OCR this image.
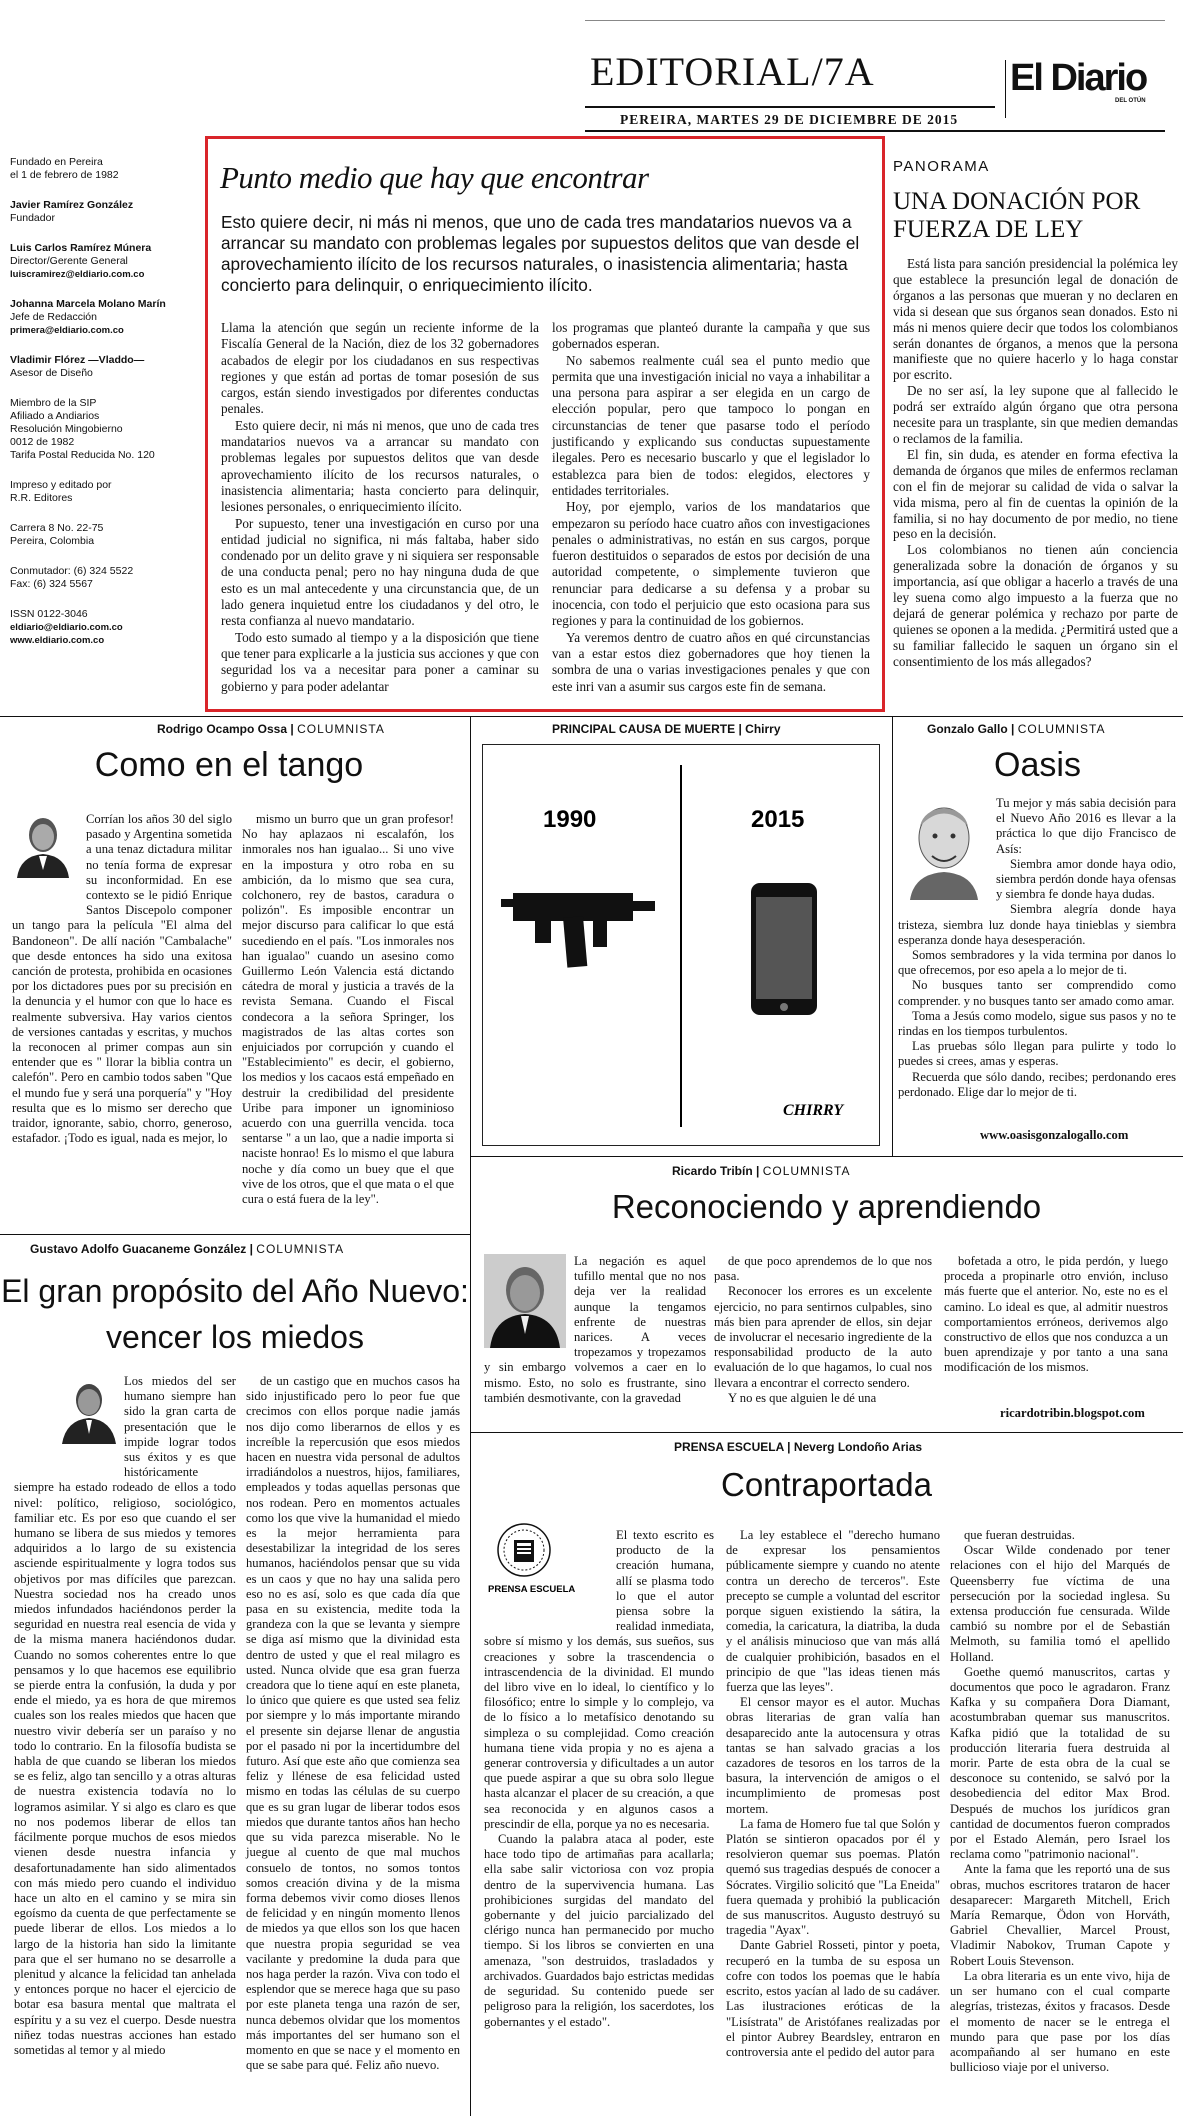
EDITORIAL/7A	El Diario
DEL OTÚN
PEREIRA, MARTES 29 DE DICIEMBRE DE 2015

Fundado en Pereira

el 1 de febrero de 1982

Javier Ramírez González

Fundador

Luis Carlos Ramírez Múnera

Director/Gerente General

luiscramirez@eldiario.com.co

Johanna Marcela Molano Marín

Jefe de Redacción

primera@eldiario.com.co

Vladimir Flórez —Vladdo—

Asesor de Diseño

Miembro de la SIP

Afiliado a Andiarios

Resolución Mingobierno

0012 de 1982

Tarifa Postal Reducida No. 120

Impreso y editado por

R.R. Editores

Carrera 8 No. 22-75

Pereira, Colombia

Conmutador: (6) 324 5522

Fax: (6) 324 5567

ISSN 0122-3046

eldiario@eldiario.com.co

www.eldiario.com.co

Punto medio que hay que encontrar
Esto quiere decir, ni más ni menos, que uno de cada tres mandatarios nuevos va a arrancar su mandato con problemas legales por supuestos delitos que van desde el aprovechamiento ilícito de los recursos naturales, o inasistencia alimentaria; hasta concierto para delinquir, o enriquecimiento ilícito.

Llama la atención que según un reciente informe de la Fiscalía General de la Nación, diez de los 32 gobernadores acabados de elegir por los ciudadanos en sus respectivas regiones y que están ad portas de tomar posesión de sus cargos, están siendo investigados por diferentes conductas penales.

Esto quiere decir, ni más ni menos, que uno de cada tres mandatarios nuevos va a arrancar su mandato con problemas legales por supuestos delitos que van desde aprovechamiento ilícito de los recursos naturales, o inasistencia alimentaria; hasta concierto para delinquir, lesiones personales, o enriquecimiento ilícito.

Por supuesto, tener una investigación en curso por una entidad judicial no significa, ni más faltaba, haber sido condenado por un delito grave y ni siquiera ser responsable de una conducta penal; pero no hay ninguna duda de que esto es un mal antecedente y una circunstancia que, de un lado genera inquietud entre los ciudadanos y del otro, le resta confianza al nuevo mandatario.

Todo esto sumado al tiempo y a la disposición que tiene que tener para explicarle a la justicia sus acciones y que con seguridad los va a necesitar para poner a caminar su gobierno y para poder adelantar

los programas que planteó durante la campaña y que sus gobernados esperan.

No sabemos realmente cuál sea el punto medio que permita que una investigación inicial no vaya a inhabilitar a una persona para aspirar a ser elegida en un cargo de elección popular, pero que tampoco lo pongan en circunstancias de tener que pasarse todo el período justificando y explicando sus conductas supuestamente ilegales. Pero es necesario buscarlo y que el legislador lo establezca para bien de todos: elegidos, electores y entidades territoriales.

Hoy, por ejemplo, varios de los mandatarios que empezaron su período hace cuatro años con investigaciones penales o administrativas, no están en sus cargos, porque fueron destituidos o separados de estos por decisión de una autoridad competente, o simplemente tuvieron que renunciar para dedicarse a su defensa y a probar su inocencia, con todo el perjuicio que esto ocasiona para sus regiones y para la continuidad de los gobiernos.

Ya veremos dentro de cuatro años en qué circunstancias van a estar estos diez gobernadores que hoy tienen la sombra de una o varias investigaciones penales y que con este inri van a asumir sus cargos este fin de semana.

PANORAMA
UNA DONACIÓN POR FUERZA DE LEY

Está lista para sanción presidencial la polémica ley que establece la presunción legal de donación de órganos a las personas que mueran y no declaren en vida si desean que sus órganos sean donados. Esto ni más ni menos quiere decir que todos los colombianos serán donantes de órganos, a menos que la persona manifieste que no quiere hacerlo y lo haga constar por escrito.

De no ser así, la ley supone que al fallecido le podrá ser extraído algún órgano que otra persona necesite para un trasplante, sin que medien demandas o reclamos de la familia.

El fin, sin duda, es atender en forma efectiva la demanda de órganos que miles de enfermos reclaman con el fin de mejorar su calidad de vida o salvar la vida misma, pero al fin de cuentas la opinión de la familia, si no hay documento de por medio, no tiene peso en la decisión.

Los colombianos no tienen aún conciencia generalizada sobre la donación de órganos y su importancia, así que obligar a hacerlo a través de una ley suena como algo impuesto a la fuerza que no dejará de generar polémica y rechazo por parte de quienes se oponen a la medida. ¿Permitirá usted que a su familiar fallecido le saquen un órgano sin el consentimiento de los más allegados?

Rodrigo Ocampo Ossa | COLUMNISTA
Como en el tango

Corrían los años 30 del siglo pasado y Argentina sometida a una tenaz dictadura militar no tenía forma de expresar su inconformidad. En ese contexto se le pidió Enrique Santos Discepolo componer un tango para la película "El alma del Bandoneon". De allí nación "Cambalache" que desde entonces ha sido una exitosa canción de protesta, prohibida en ocasiones por los dictadores pues por su precisión en la denuncia y el humor con que lo hace es realmente subversiva. Hay varios cientos de versiones cantadas y escritas, y muchos la reconocen al primer compas aun sin entender que es " llorar la biblia contra un calefón". Pero en cambio todos saben "Que el mundo fue y será una porquería" y "Hoy resulta que es lo mismo ser derecho que traidor, ignorante, sabio, chorro, generoso, estafador. ¡Todo es igual, nada es mejor, lo

mismo un burro que un gran profesor! No hay aplazaos ni escalafón, los inmorales nos han igualao... Si uno vive en la impostura y otro roba en su ambición, da lo mismo que sea cura, colchonero, rey de bastos, caradura o polizón". Es imposible encontrar un mejor discurso para calificar lo que está sucediendo en el país. "Los inmorales nos han igualao" cuando un asesino como Guillermo León Valencia está dictando cátedra de moral y justicia a través de la revista Semana. Cuando el Fiscal condecora a la señora Springer, los magistrados de las altas cortes son enjuiciados por corrupción y cuando el "Establecimiento" es decir, el gobierno, los medios y los cacaos está empeñado en destruir la credibilidad del presidente Uribe para imponer un ignominioso acuerdo con una guerrilla vencida. toca sentarse " a un lao, que a nadie importa si naciste honrao! Es lo mismo el que labura noche y día como un buey que el que vive de los otros, que el que mata o el que cura o está fuera de la ley".

PRINCIPAL CAUSA DE MUERTE | Chirry
1990	2015
CHIRRY
Gonzalo Gallo | COLUMNISTA
Oasis

Tu mejor y más sabia decisión para el Nuevo Año 2016 es llevar a la práctica lo que dijo Francisco de Asís:

Siembra amor donde haya odio, siembra perdón donde haya ofensas y siembra fe donde haya dudas.

Siembra alegría donde haya tristeza, siembra luz donde haya tinieblas y siembra esperanza donde haya desesperación.

Somos sembradores y la vida termina por danos lo que ofrecemos, por eso apela a lo mejor de ti.

No busques tanto ser comprendido como comprender. y no busques tanto ser amado como amar.

Toma a Jesús como modelo, sigue sus pasos y no te rindas en los tiempos turbulentos.

Las pruebas sólo llegan para pulirte y todo lo puedes si crees, amas y esperas.

Recuerda que sólo dando, recibes; perdonando eres perdonado. Elige dar lo mejor de ti.

www.oasisgonzalogallo.com
Ricardo Tribín | COLUMNISTA
Reconociendo y aprendiendo

La negación es aquel tufillo mental que no nos deja ver la realidad aunque la tengamos enfrente de nuestras narices. A veces tropezamos y tropezamos y sin embargo volvemos a caer en lo mismo. Esto, no solo es frustrante, sino también desmotivante, con la gravedad

de que poco aprendemos de lo que nos pasa.

Reconocer los errores es un excelente ejercicio, no para sentirnos culpables, sino más bien para aprender de ellos, sin dejar de involucrar el necesario ingrediente de la responsabilidad producto de la auto evaluación de lo que hagamos, lo cual nos llevara a encontrar el correcto sendero.

Y no es que alguien le dé una

bofetada a otro, le pida perdón, y luego proceda a propinarle otro envión, incluso más fuerte que el anterior. No, este no es el camino. Lo ideal es que, al admitir nuestros comportamientos erróneos, derivemos algo constructivo de ellos que nos conduzca a un buen aprendizaje y por tanto a una sana modificación de los mismos.

ricardotribin.blogspot.com
Gustavo Adolfo Guacaneme González | COLUMNISTA
El gran propósito del Año Nuevo:
vencer los miedos

Los miedos del ser humano siempre han sido la gran carta de presentación que le impide lograr todos sus éxitos y es que históricamente siempre ha estado rodeado de ellos a todo nivel: político, religioso, sociológico, familiar etc. Es por eso que cuando el ser humano se libera de sus miedos y temores adquiridos a lo largo de su existencia asciende espiritualmente y logra todos sus objetivos por mas difíciles que parezcan. Nuestra sociedad nos ha creado unos miedos infundados haciéndonos perder la seguridad en nuestra real esencia de vida y de la misma manera haciéndonos dudar. Cuando no somos coherentes entre lo que pensamos y lo que hacemos ese equilibrio se pierde entra la confusión, la duda y por ende el miedo, ya es hora de que miremos cuales son los reales miedos que hacen que nuestro vivir debería ser un paraíso y no todo lo contrario. En la filosofía budista se habla de que cuando se liberan los miedos se es feliz, algo tan sencillo y a otras alturas de nuestra existencia todavía no lo logramos asimilar. Y si algo es claro es que no nos podemos liberar de ellos tan fácilmente porque muchos de esos miedos vienen desde nuestra infancia y desafortunadamente han sido alimentados con más miedo pero cuando el individuo hace un alto en el camino y se mira sin egoísmo da cuenta de que perfectamente se puede liberar de ellos. Los miedos a lo largo de la historia han sido la limitante para que el ser humano no se desarrolle a plenitud y alcance la felicidad tan anhelada y entonces porque no hacer el ejercicio de botar esa basura mental que maltrata el espíritu y a su vez el cuerpo. Desde nuestra niñez todas nuestras acciones han estado sometidas al temor y al miedo

de un castigo que en muchos casos ha sido injustificado pero lo peor fue que crecimos con ellos porque nadie jamás nos dijo como liberarnos de ellos y es increíble la repercusión que esos miedos hacen en nuestra vida personal de adultos irradiándolos a nuestros, hijos, familiares, empleados y todas aquellas personas que nos rodean. Pero en momentos actuales como los que vive la humanidad el miedo es la mejor herramienta para desestabilizar la integridad de los seres humanos, haciéndolos pensar que su vida es un caos y que no hay una salida pero eso no es así, solo es que cada día que pasa en su existencia, medite toda la grandeza con la que se levanta y siempre se diga así mismo que la divinidad esta dentro de usted y que el real milagro es usted. Nunca olvide que esa gran fuerza creadora que lo tiene aquí en este planeta, lo único que quiere es que usted sea feliz por siempre y lo más importante mirando el presente sin dejarse llenar de angustia por el pasado ni por la incertidumbre del futuro. Así que este año que comienza sea feliz y llénese de esa felicidad usted mismo en todas las células de su cuerpo que es su gran lugar de liberar todos esos miedos que durante tantos años han hecho que su vida parezca miserable. No le juegue al cuento de que mal muchos consuelo de tontos, no somos tontos somos creación divina y de la misma forma debemos vivir como dioses llenos de felicidad y en ningún momento llenos de miedos ya que ellos son los que hacen que nuestra propia seguridad se vea vacilante y predomine la duda para que nos haga perder la razón. Viva con todo el esplendor que se merece haga que su paso por este planeta tenga una razón de ser, nunca debemos olvidar que los momentos más importantes del ser humano son el momento en que se nace y el momento en que se sabe para qué. Feliz año nuevo.

PRENSA ESCUELA | Neverg Londoño Arias
Contraportada
PRENSA ESCUELA

El texto escrito es producto de la creación humana, allí se plasma todo lo que el autor piensa sobre la realidad inmediata, sobre sí mismo y los demás, sus sueños, sus creaciones y sobre la trascendencia o intrascendencia de la divinidad. El mundo del libro vive en lo ideal, lo científico y lo filosófico; entre lo simple y lo complejo, va de lo físico a lo metafísico denotando su simpleza o su complejidad. Como creación humana tiene vida propia y no es ajena a generar controversia y dificultades a un autor que puede aspirar a que su obra solo llegue hasta alcanzar el placer de su creación, a que sea reconocida y en algunos casos a prescindir de ella, porque ya no es necesaria.

Cuando la palabra ataca al poder, este hace todo tipo de artimañas para acallarla; ella sabe salir victoriosa con voz propia dentro de la supervivencia humana. Las prohibiciones surgidas del mandato del gobernante y del juicio parcializado del clérigo nunca han permanecido por mucho tiempo. Si los libros se convierten en una amenaza, "son destruidos, trasladados y archivados. Guardados bajo estrictas medidas de seguridad. Su contenido puede ser peligroso para la religión, los sacerdotes, los gobernantes y el estado".

La ley establece el "derecho humano de expresar los pensamientos públicamente siempre y cuando no atente contra un derecho de terceros". Este precepto se cumple a voluntad del escritor porque siguen existiendo la sátira, la comedia, la caricatura, la diatriba, la duda y el análisis minucioso que van más allá de cualquier prohibición, basados en el principio de que "las ideas tienen más fuerza que las leyes".

El censor mayor es el autor. Muchas obras literarias de gran valía han desaparecido ante la autocensura y otras tantas se han salvado gracias a los cazadores de tesoros en los tarros de la basura, la intervención de amigos o el incumplimiento de promesas post mortem.

La fama de Homero fue tal que Solón y Platón se sintieron opacados por él y resolvieron quemar sus poemas. Platón quemó sus tragedias después de conocer a Sócrates. Virgilio solicitó que "La Eneida" fuera quemada y prohibió la publicación de sus manuscritos. Augusto destruyó su tragedia "Ayax".

Dante Gabriel Rosseti, pintor y poeta, recuperó en la tumba de su esposa un cofre con todos los poemas que le había escrito, estos yacían al lado de su cadáver. Las ilustraciones eróticas de la "Lisístrata" de Aristófanes realizadas por el pintor Aubrey Beardsley, entraron en controversia ante el pedido del autor para

que fueran destruidas.

Oscar Wilde condenado por tener relaciones con el hijo del Marqués de Queensberry fue víctima de una persecución por la sociedad inglesa. Su extensa producción fue censurada. Wilde cambió su nombre por el de Sebastián Melmoth, su familia tomó el apellido Holland.

Goethe quemó manuscritos, cartas y documentos que poco le agradaron. Franz Kafka y su compañera Dora Diamant, acostumbraban quemar sus manuscritos. Kafka pidió que la totalidad de su producción literaria fuera destruida al morir. Parte de esta obra de la cual se desconoce su contenido, se salvó por la desobediencia del editor Max Brod. Después de muchos los jurídicos gran cantidad de documentos fueron comprados por el Estado Alemán, pero Israel los reclama como "patrimonio nacional".

Ante la fama que les reportó una de sus obras, muchos escritores trataron de hacer desaparecer: Margareth Mitchell, Erich María Remarque, Ödon von Horváth, Gabriel Chevallier, Marcel Proust, Vladimir Nabokov, Truman Capote y Robert Louis Stevenson.

La obra literaria es un ente vivo, hija de un ser humano con el cual comparte alegrías, tristezas, éxitos y fracasos. Desde el momento de nacer se le entrega el mundo para que pase por los días acompañando al ser humano en este bullicioso viaje por el universo.
